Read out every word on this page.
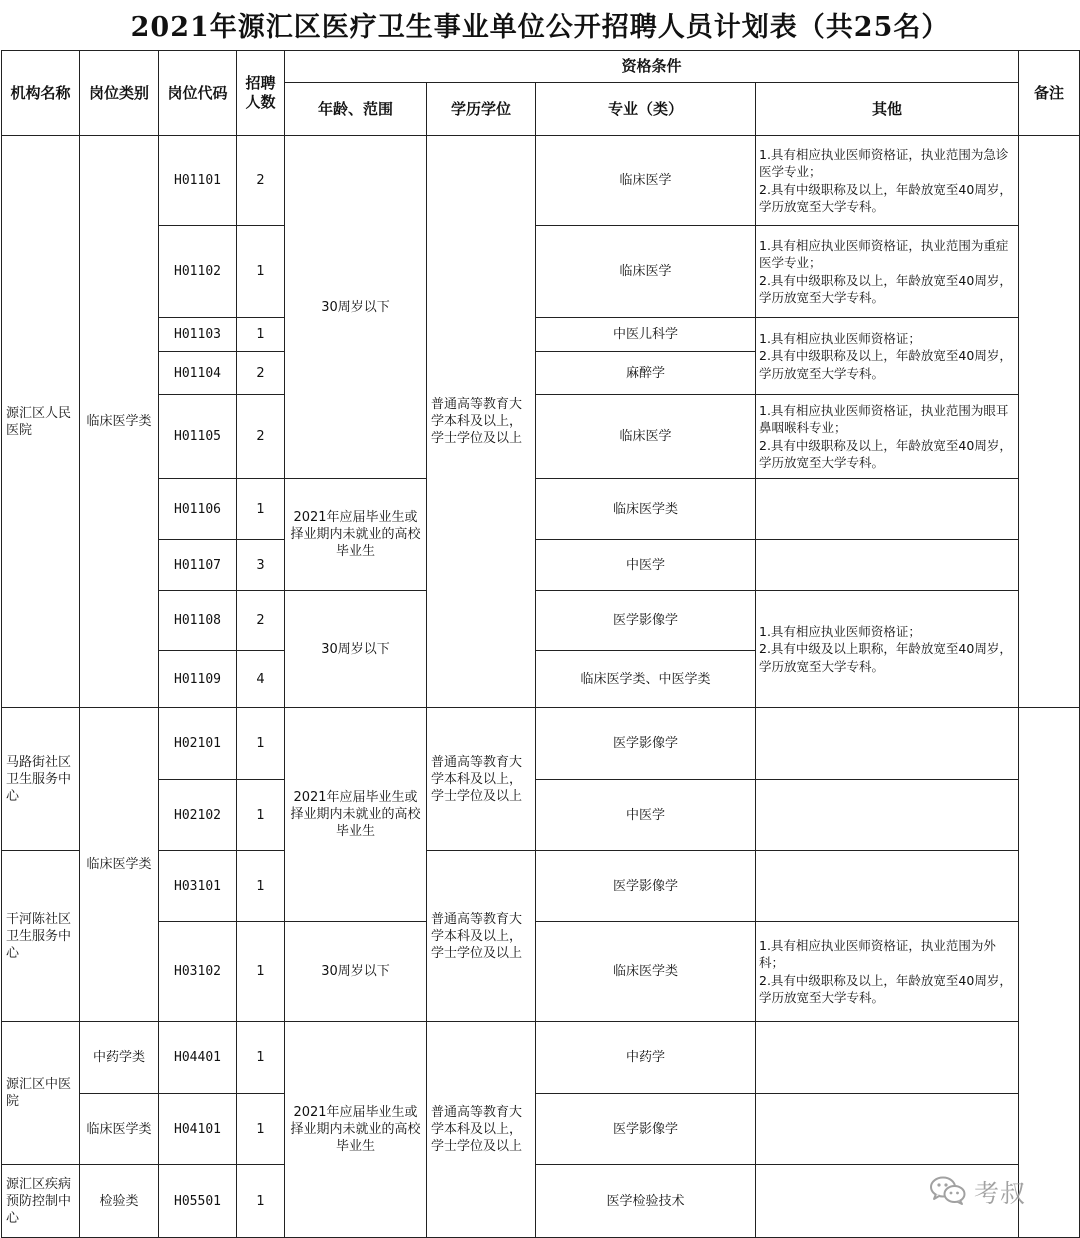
2021年源汇区医疗卫生事业单位公开招聘人员计划表（共25名）
机构名称	岗位类别	岗位代码	招聘人数	资格条件				备注
				年龄、范围	学历学位	专业（类）	其他	
源汇区人民医院	临床医学类	H01101	2	30周岁以下	普通高等教育大学本科及以上，学士学位及以上	临床医学	1.具有相应执业医师资格证，执业范围为急诊医学专业；
2.具有中级职称及以上，年龄放宽至40周岁，学历放宽至大学专科。	
		H01102	1			临床医学	1.具有相应执业医师资格证，执业范围为重症医学专业；
2.具有中级职称及以上，年龄放宽至40周岁，学历放宽至大学专科。	
		H01103	1			中医儿科学	1.具有相应执业医师资格证；
2.具有中级职称及以上，年龄放宽至40周岁，学历放宽至大学专科。	
		H01104	2			麻醉学		
		H01105	2			临床医学	1.具有相应执业医师资格证，执业范围为眼耳鼻咽喉科专业；
2.具有中级职称及以上，年龄放宽至40周岁，学历放宽至大学专科。	
		H01106	1	2021年应届毕业生或择业期内未就业的高校毕业生		临床医学类		
		H01107	3			中医学		
		H01108	2	30周岁以下		医学影像学	1.具有相应执业医师资格证；
2.具有中级及以上职称，年龄放宽至40周岁，学历放宽至大学专科。	
		H01109	4			临床医学类、中医学类		
马路街社区卫生服务中心	临床医学类	H02101	1	2021年应届毕业生或择业期内未就业的高校毕业生	普通高等教育大学本科及以上，学士学位及以上	医学影像学		
		H02102	1			中医学		
干河陈社区卫生服务中心		H03101	1		普通高等教育大学本科及以上，学士学位及以上	医学影像学		
		H03102	1	30周岁以下		临床医学类	1.具有相应执业医师资格证，执业范围为外科；
2.具有中级职称及以上，年龄放宽至40周岁，学历放宽至大学专科。	
源汇区中医院	中药学类	H04401	1	2021年应届毕业生或择业期内未就业的高校毕业生	普通高等教育大学本科及以上，学士学位及以上	中药学		
	临床医学类	H04101	1			医学影像学		
源汇区疾病预防控制中心	检验类	H05501	1			医学检验技术			考叔
